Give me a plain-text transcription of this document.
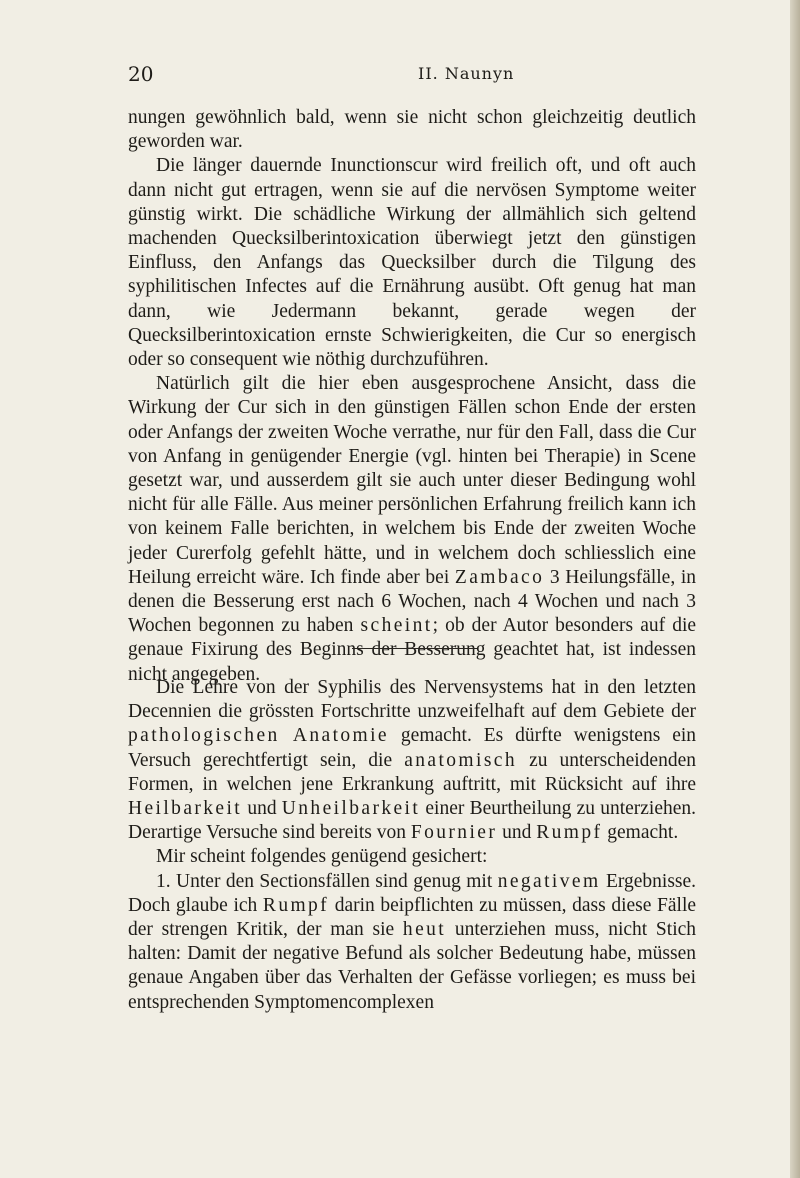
20	II. Naunyn

nungen gewöhnlich bald, wenn sie nicht schon gleichzeitig deutlich geworden war.

Die länger dauernde Inunctionscur wird freilich oft, und oft auch dann nicht gut ertragen, wenn sie auf die nervösen Symptome weiter günstig wirkt. Die schädliche Wirkung der allmählich sich geltend machenden Quecksilberintoxication überwiegt jetzt den günstigen Einfluss, den Anfangs das Quecksilber durch die Tilgung des syphilitischen Infectes auf die Ernährung ausübt. Oft genug hat man dann, wie Jedermann bekannt, gerade wegen der Quecksilberintoxication ernste Schwierigkeiten, die Cur so energisch oder so consequent wie nöthig durchzuführen.

Natürlich gilt die hier eben ausgesprochene Ansicht, dass die Wirkung der Cur sich in den günstigen Fällen schon Ende der ersten oder Anfangs der zweiten Woche verrathe, nur für den Fall, dass die Cur von Anfang in genügender Energie (vgl. hinten bei Therapie) in Scene gesetzt war, und ausserdem gilt sie auch unter dieser Bedingung wohl nicht für alle Fälle. Aus meiner persönlichen Erfahrung freilich kann ich von keinem Falle berichten, in welchem bis Ende der zweiten Woche jeder Curerfolg gefehlt hätte, und in welchem doch schliesslich eine Heilung erreicht wäre. Ich finde aber bei Zambaco 3 Heilungsfälle, in denen die Besserung erst nach 6 Wochen, nach 4 Wochen und nach 3 Wochen begonnen zu haben scheint; ob der Autor besonders auf die genaue Fixirung des Beginns der Besserung geachtet hat, ist indessen nicht angegeben.

Die Lehre von der Syphilis des Nervensystems hat in den letzten Decennien die grössten Fortschritte unzweifelhaft auf dem Gebiete der pathologischen Anatomie gemacht. Es dürfte wenigstens ein Versuch gerechtfertigt sein, die anatomisch zu unterscheidenden Formen, in welchen jene Erkrankung auftritt, mit Rücksicht auf ihre Heilbarkeit und Unheilbarkeit einer Beurtheilung zu unterziehen. Derartige Versuche sind bereits von Fournier und Rumpf gemacht.

Mir scheint folgendes genügend gesichert:

1. Unter den Sectionsfällen sind genug mit negativem Ergebnisse. Doch glaube ich Rumpf darin beipflichten zu müssen, dass diese Fälle der strengen Kritik, der man sie heut unterziehen muss, nicht Stich halten: Damit der negative Befund als solcher Bedeutung habe, müssen genaue Angaben über das Verhalten der Gefässe vorliegen; es muss bei entsprechenden Symptomencomplexen
